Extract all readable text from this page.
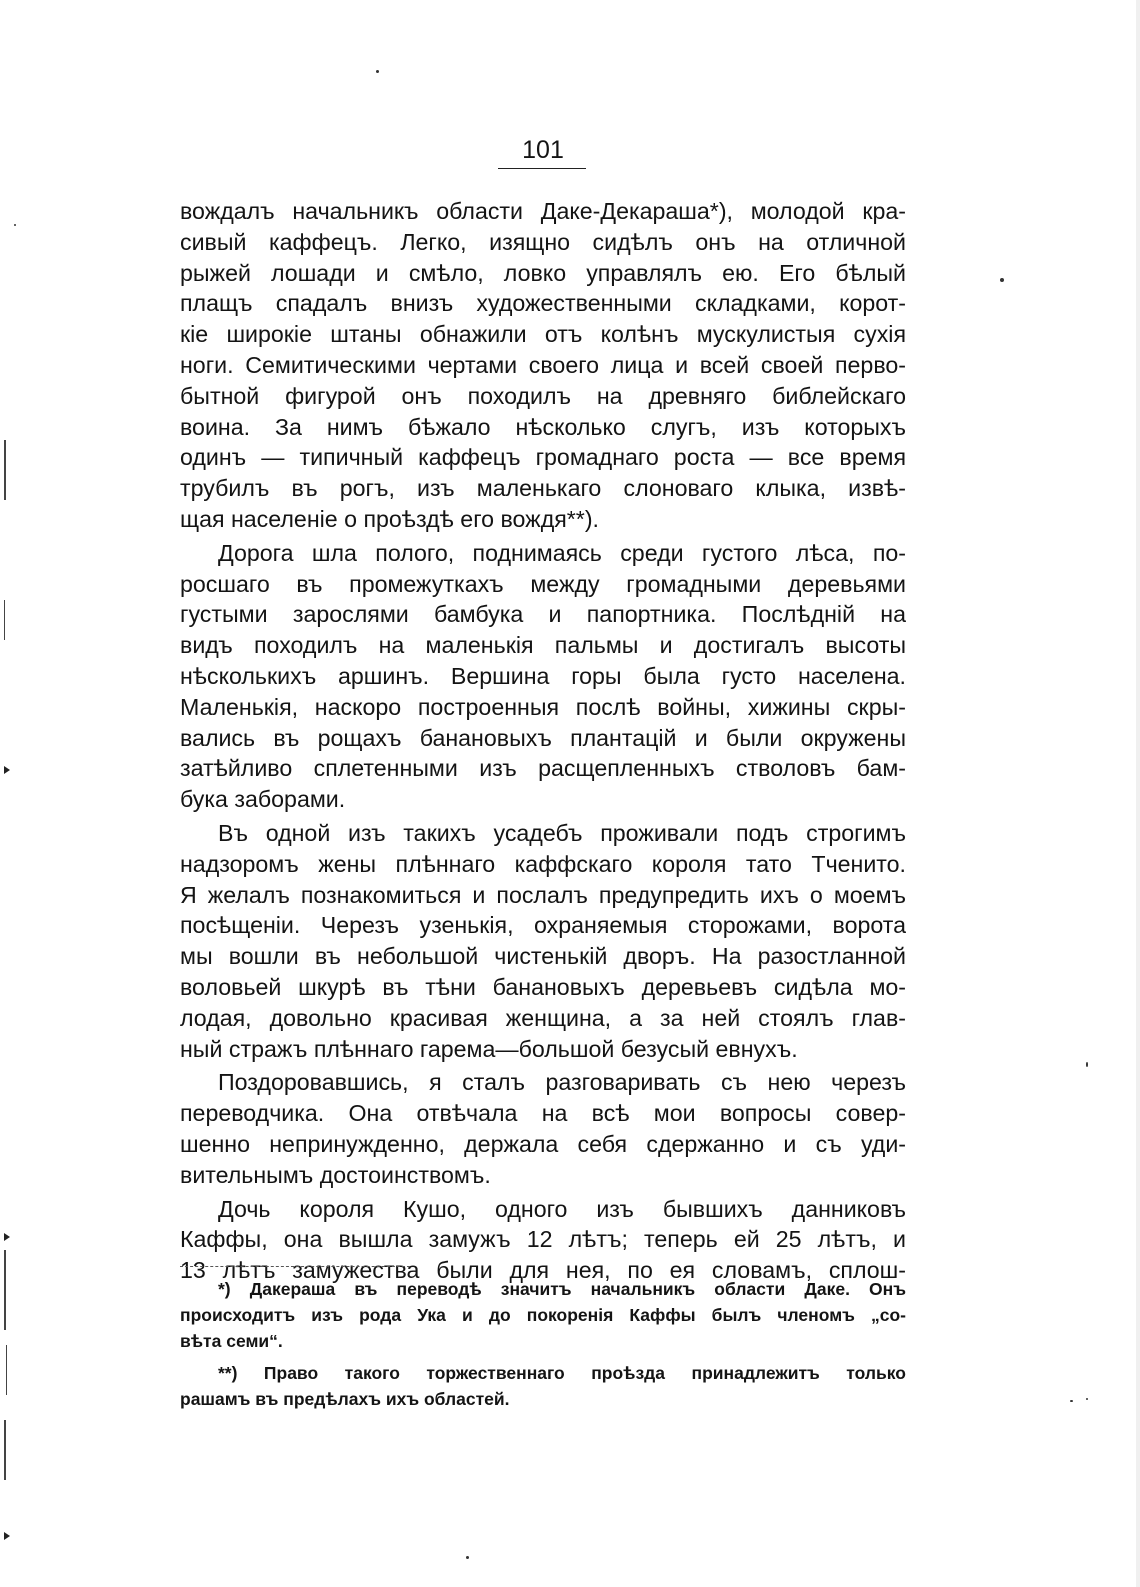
101
вождалъ начальникъ области Даке-Декараша*), молодой кра-
сивый каффецъ. Легко, изящно сидѣлъ онъ на отличной
рыжей лошади и смѣло, ловко управлялъ ею. Его бѣлый
плащъ спадалъ внизъ художественными складками, корот-
кіе широкіе штаны обнажили отъ колѣнъ мускулистыя сухія
ноги. Семитическими чертами своего лица и всей своей перво-
бытной фигурой онъ походилъ на древняго библейскаго
воина. За нимъ бѣжало нѣсколько слугъ, изъ которыхъ
одинъ — типичный каффецъ громаднаго роста — все время
трубилъ въ рогъ, изъ маленькаго слоноваго клыка, извѣ-
щая населеніе о проѣздѣ его вождя**).
Дорога шла полого, поднимаясь среди густого лѣса, по-
росшаго въ промежуткахъ между громадными деревьями
густыми зарослями бамбука и папортника. Послѣдній на
видъ походилъ на маленькія пальмы и достигалъ высоты
нѣсколькихъ аршинъ. Вершина горы была густо населена.
Маленькія, наскоро построенныя послѣ войны, хижины скры-
вались въ рощахъ банановыхъ плантацій и были окружены
затѣйливо сплетенными изъ расщепленныхъ стволовъ бам-
бука заборами.
Въ одной изъ такихъ усадебъ проживали подъ строгимъ
надзоромъ жены плѣннаго каффскаго короля тато Тченито.
Я желалъ познакомиться и послалъ предупредить ихъ о моемъ
посѣщеніи. Черезъ узенькія, охраняемыя сторожами, ворота
мы вошли въ небольшой чистенькій дворъ. На разостланной
воловьей шкурѣ въ тѣни банановыхъ деревьевъ сидѣла мо-
лодая, довольно красивая женщина, а за ней стоялъ глав-
ный стражъ плѣннаго гарема—большой безусый евнухъ.
Поздоровавшись, я сталъ разговаривать съ нею черезъ
переводчика. Она отвѣчала на всѣ мои вопросы совер-
шенно непринужденно, держала себя сдержанно и съ уди-
вительнымъ достоинствомъ.
Дочь короля Кушо, одного изъ бывшихъ данниковъ
Каффы, она вышла замужъ 12 лѣтъ; теперь ей 25 лѣтъ, и
13 лѣтъ замужества были для нея, по ея словамъ, сплош-
*) Дакераша въ переводѣ значитъ начальникъ области Даке. Онъ
происходитъ изъ рода Ука и до покоренія Каффы былъ членомъ „со-
вѣта семи“.
**) Право такого торжественнаго проѣзда принадлежитъ только
рашамъ въ предѣлахъ ихъ областей.
